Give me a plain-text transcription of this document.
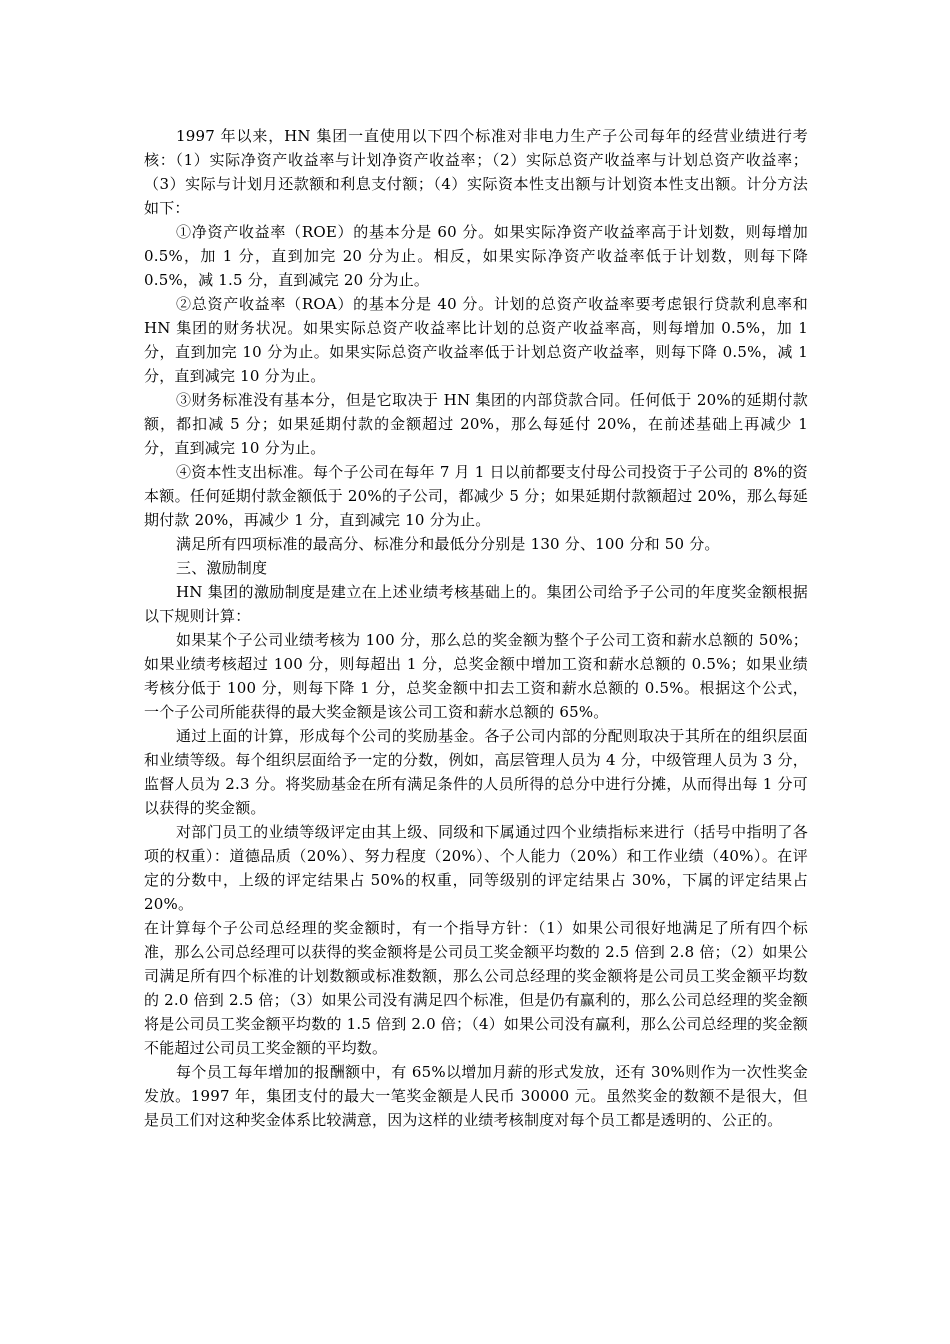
1997 年以来，HN 集团一直使用以下四个标准对非电力生产子公司每年的经营业绩进行考核：（1）实际净资产收益率与计划净资产收益率；（2）实际总资产收益率与计划总资产收益率；（3）实际与计划月还款额和利息支付额；（4）实际资本性支出额与计划资本性支出额。计分方法如下：

①净资产收益率（ROE）的基本分是 60 分。如果实际净资产收益率高于计划数，则每增加 0.5%，加 1 分，直到加完 20 分为止。相反，如果实际净资产收益率低于计划数，则每下降 0.5%，减 1.5 分，直到减完 20 分为止。

②总资产收益率（ROA）的基本分是 40 分。计划的总资产收益率要考虑银行贷款利息率和 HN 集团的财务状况。如果实际总资产收益率比计划的总资产收益率高，则每增加 0.5%，加 1 分，直到加完 10 分为止。如果实际总资产收益率低于计划总资产收益率，则每下降 0.5%，减 1 分，直到减完 10 分为止。

③财务标准没有基本分，但是它取决于 HN 集团的内部贷款合同。任何低于 20%的延期付款额，都扣减 5 分；如果延期付款的金额超过 20%，那么每延付 20%，在前述基础上再减少 1 分，直到减完 10 分为止。

④资本性支出标准。每个子公司在每年 7 月 1 日以前都要支付母公司投资于子公司的 8%的资本额。任何延期付款金额低于 20%的子公司，都减少 5 分；如果延期付款额超过 20%，那么每延期付款 20%，再减少 1 分，直到减完 10 分为止。

满足所有四项标准的最高分、标准分和最低分分别是 130 分、100 分和 50 分。

三、激励制度

HN 集团的激励制度是建立在上述业绩考核基础上的。集团公司给予子公司的年度奖金额根据以下规则计算：

如果某个子公司业绩考核为 100 分，那么总的奖金额为整个子公司工资和薪水总额的 50%；如果业绩考核超过 100 分，则每超出 1 分，总奖金额中增加工资和薪水总额的 0.5%；如果业绩考核分低于 100 分，则每下降 1 分，总奖金额中扣去工资和薪水总额的 0.5%。根据这个公式，一个子公司所能获得的最大奖金额是该公司工资和薪水总额的 65%。

通过上面的计算，形成每个公司的奖励基金。各子公司内部的分配则取决于其所在的组织层面和业绩等级。每个组织层面给予一定的分数，例如，高层管理人员为 4 分，中级管理人员为 3 分，监督人员为 2.3 分。将奖励基金在所有满足条件的人员所得的总分中进行分摊，从而得出每 1 分可以获得的奖金额。

对部门员工的业绩等级评定由其上级、同级和下属通过四个业绩指标来进行（括号中指明了各项的权重）：道德品质（20%）、努力程度（20%）、个人能力（20%）和工作业绩（40%）。在评定的分数中，上级的评定结果占 50%的权重，同等级别的评定结果占 30%，下属的评定结果占 20%。

在计算每个子公司总经理的奖金额时，有一个指导方针：（1）如果公司很好地满足了所有四个标准，那么公司总经理可以获得的奖金额将是公司员工奖金额平均数的 2.5 倍到 2.8 倍；（2）如果公司满足所有四个标准的计划数额或标准数额，那么公司总经理的奖金额将是公司员工奖金额平均数的 2.0 倍到 2.5 倍；（3）如果公司没有满足四个标准，但是仍有赢利的，那么公司总经理的奖金额将是公司员工奖金额平均数的 1.5 倍到 2.0 倍；（4）如果公司没有赢利，那么公司总经理的奖金额不能超过公司员工奖金额的平均数。

每个员工每年增加的报酬额中，有 65%以增加月薪的形式发放，还有 30%则作为一次性奖金发放。1997 年，集团支付的最大一笔奖金额是人民币 30000 元。虽然奖金的数额不是很大，但是员工们对这种奖金体系比较满意，因为这样的业绩考核制度对每个员工都是透明的、公正的。
